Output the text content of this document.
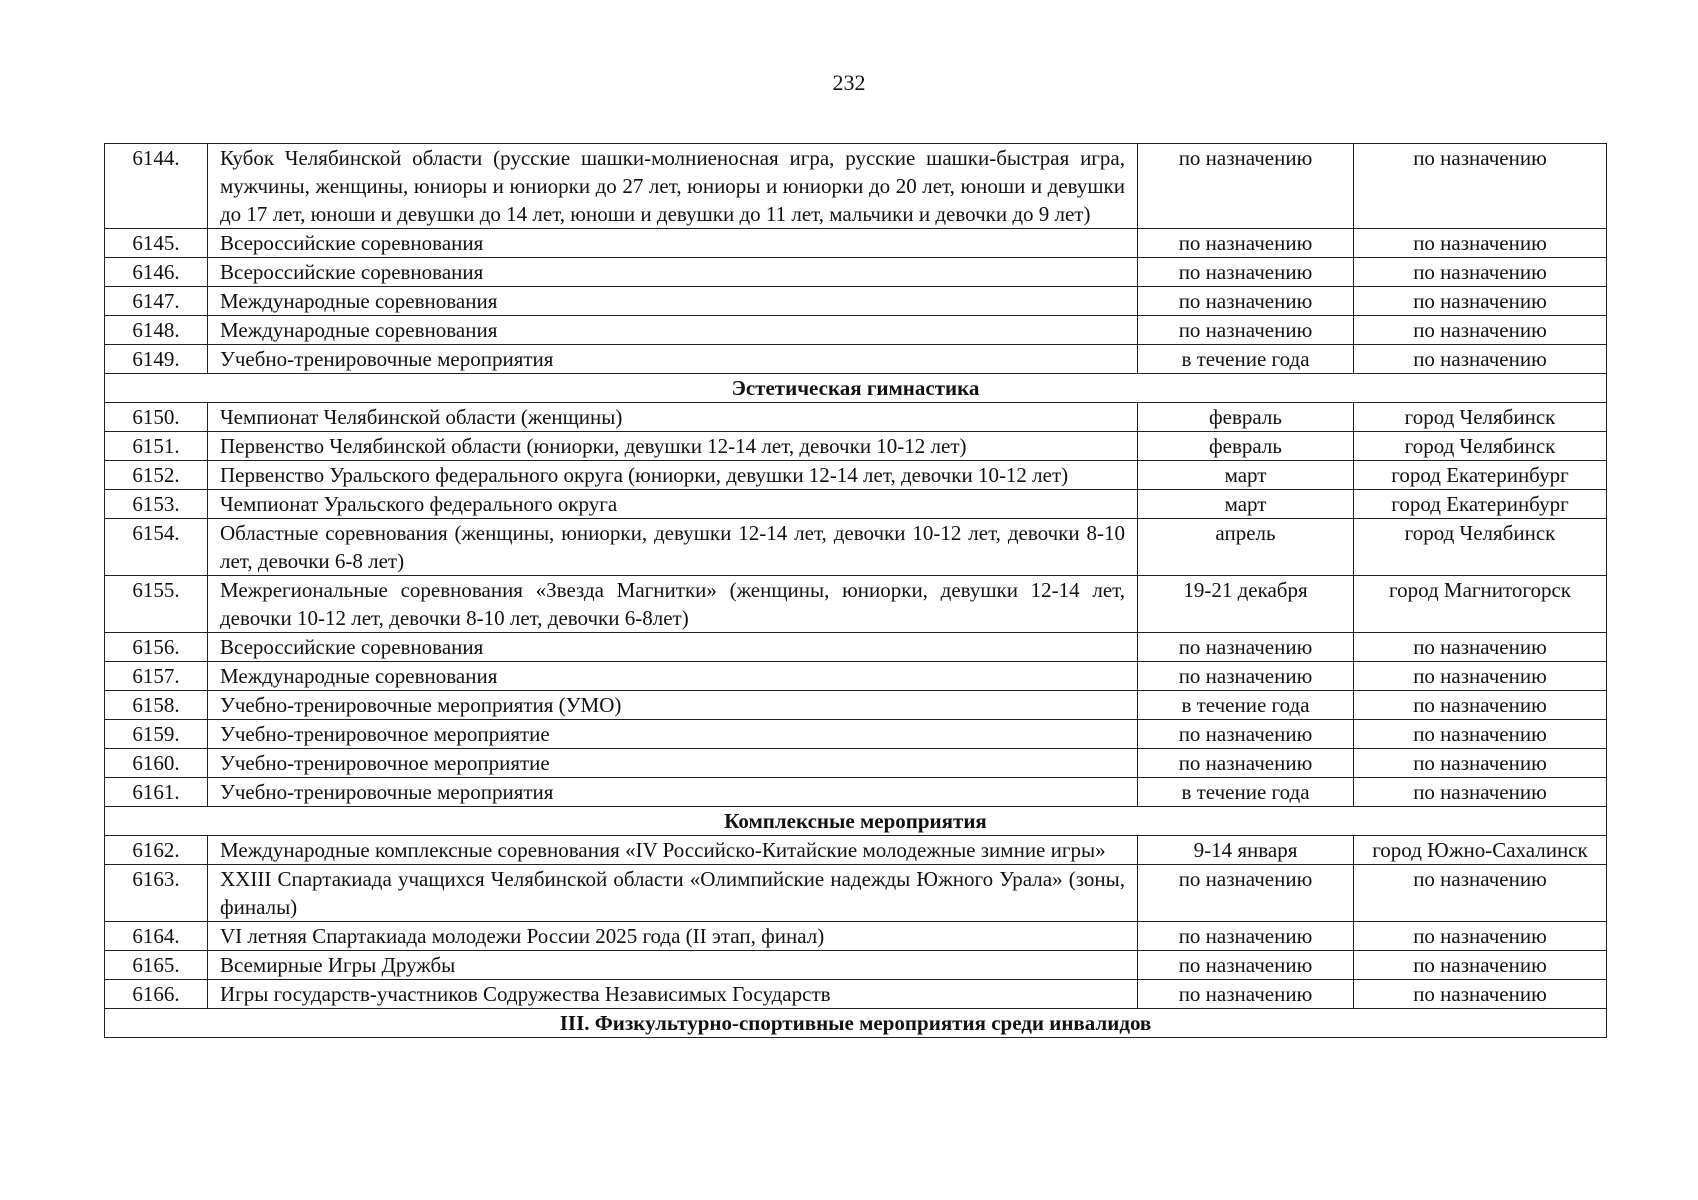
232
6144.	Кубок Челябинской области (русские шашки-молниеносная игра, русские шашки-быстрая игра, мужчины, женщины, юниоры и юниорки до 27 лет, юниоры и юниорки до 20 лет, юноши и девушки до 17 лет, юноши и девушки до 14 лет, юноши и девушки до 11 лет, мальчики и девочки до 9 лет)	по назначению	по назначению
6145.	Всероссийские соревнования	по назначению	по назначению
6146.	Всероссийские соревнования	по назначению	по назначению
6147.	Международные соревнования	по назначению	по назначению
6148.	Международные соревнования	по назначению	по назначению
6149.	Учебно-тренировочные мероприятия	в течение года	по назначению
Эстетическая гимнастика			
6150.	Чемпионат Челябинской области (женщины)	февраль	город Челябинск
6151.	Первенство Челябинской области (юниорки, девушки 12-14 лет, девочки 10-12 лет)	февраль	город Челябинск
6152.	Первенство Уральского федерального округа (юниорки, девушки 12-14 лет, девочки 10-12 лет)	март	город Екатеринбург
6153.	Чемпионат Уральского федерального округа	март	город Екатеринбург
6154.	Областные соревнования (женщины, юниорки, девушки 12-14 лет, девочки 10-12 лет, девочки 8-10 лет, девочки 6-8 лет)	апрель	город Челябинск
6155.	Межрегиональные соревнования «Звезда Магнитки» (женщины, юниорки, девушки 12-14 лет, девочки 10-12 лет, девочки 8-10 лет, девочки 6-8лет)	19-21 декабря	город Магнитогорск
6156.	Всероссийские соревнования	по назначению	по назначению
6157.	Международные соревнования	по назначению	по назначению
6158.	Учебно-тренировочные мероприятия (УМО)	в течение года	по назначению
6159.	Учебно-тренировочное мероприятие	по назначению	по назначению
6160.	Учебно-тренировочное мероприятие	по назначению	по назначению
6161.	Учебно-тренировочные мероприятия	в течение года	по назначению
Комплексные мероприятия			
6162.	Международные комплексные соревнования «IV Российско-Китайские молодежные зимние игры»	9-14 января	город Южно-Сахалинск
6163.	XXIII Спартакиада учащихся Челябинской области «Олимпийские надежды Южного Урала» (зоны, финалы)	по назначению	по назначению
6164.	VI летняя Спартакиада молодежи России 2025 года (II этап, финал)	по назначению	по назначению
6165.	Всемирные Игры Дружбы	по назначению	по назначению
6166.	Игры государств-участников Содружества Независимых Государств	по назначению	по назначению
III. Физкультурно-спортивные мероприятия среди инвалидов			
